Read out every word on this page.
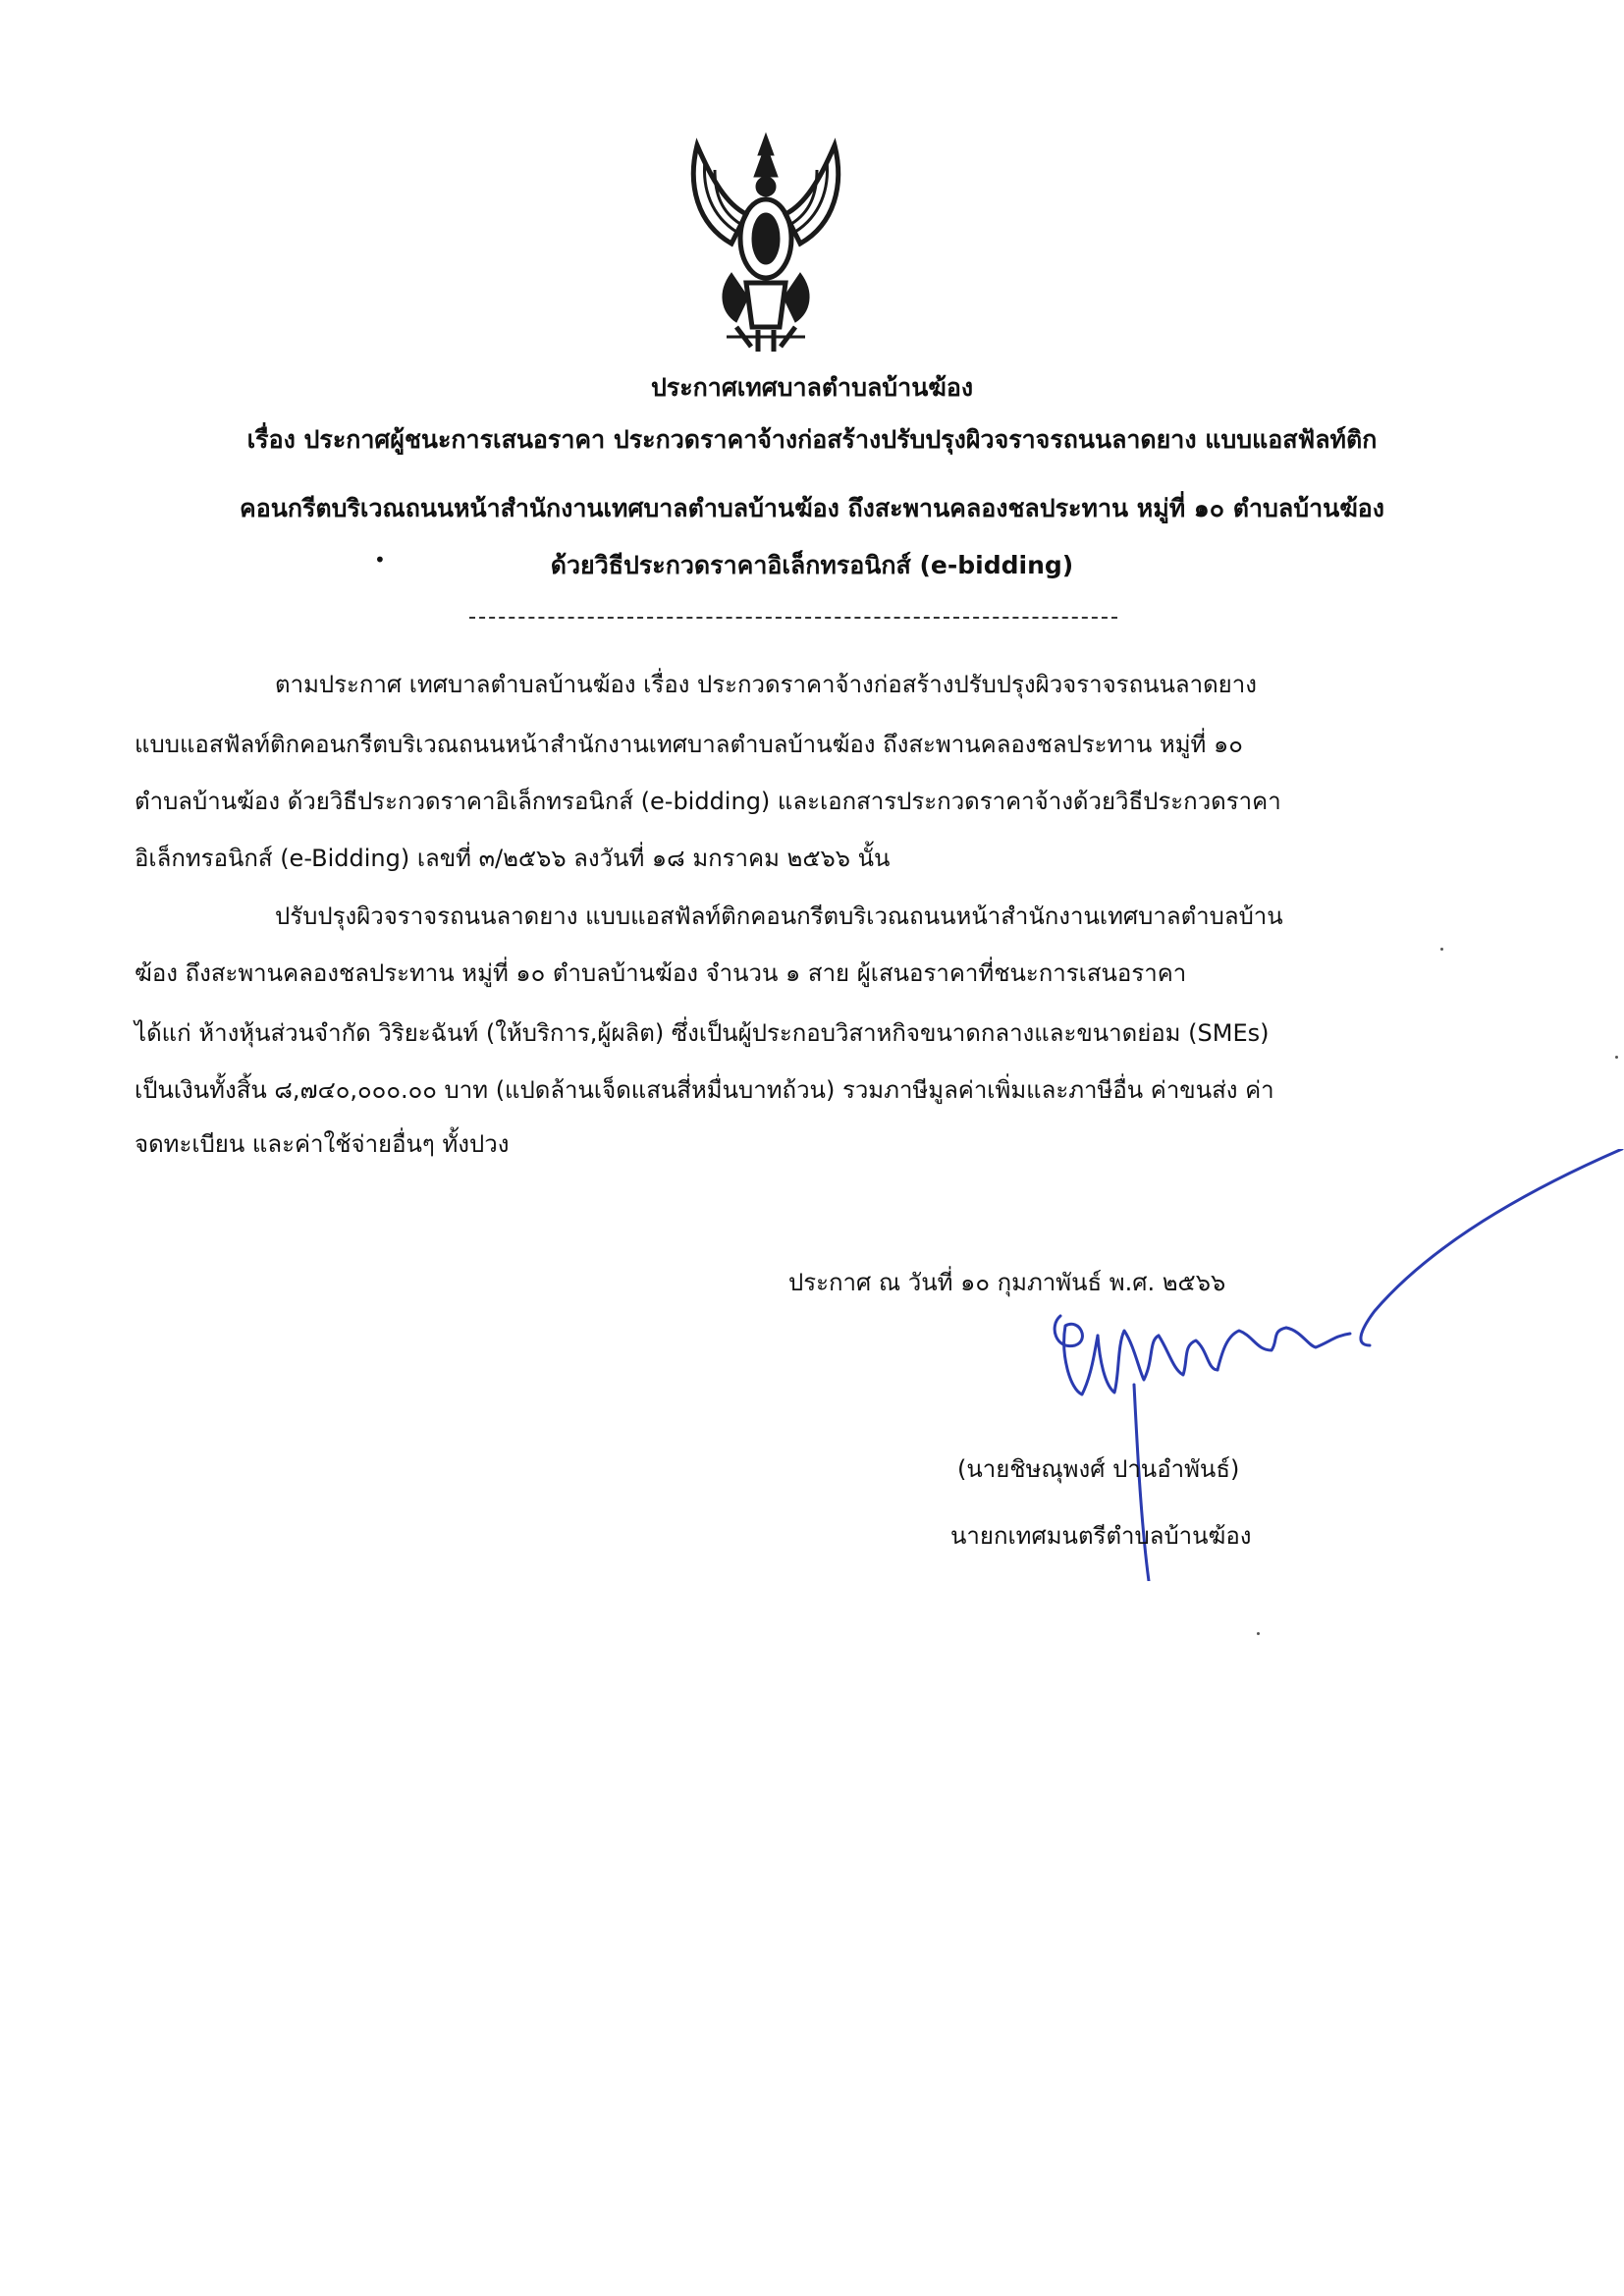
ประกาศเทศบาลตำบลบ้านฆ้อง
เรื่อง ประกาศผู้ชนะการเสนอราคา ประกวดราคาจ้างก่อสร้างปรับปรุงผิวจราจรถนนลาดยาง แบบแอสฟัลท์ติก
คอนกรีตบริเวณถนนหน้าสำนักงานเทศบาลตำบลบ้านฆ้อง ถึงสะพานคลองชลประทาน หมู่ที่ ๑๐ ตำบลบ้านฆ้อง
•	ด้วยวิธีประกวดราคาอิเล็กทรอนิกส์ (e-bidding)
ตามประกาศ เทศบาลตำบลบ้านฆ้อง เรื่อง ประกวดราคาจ้างก่อสร้างปรับปรุงผิวจราจรถนนลาดยาง
แบบแอสฟัลท์ติกคอนกรีตบริเวณถนนหน้าสำนักงานเทศบาลตำบลบ้านฆ้อง ถึงสะพานคลองชลประทาน หมู่ที่ ๑๐
ตำบลบ้านฆ้อง ด้วยวิธีประกวดราคาอิเล็กทรอนิกส์ (e-bidding) และเอกสารประกวดราคาจ้างด้วยวิธีประกวดราคา
อิเล็กทรอนิกส์ (e-Bidding) เลขที่ ๓/๒๕๖๖ ลงวันที่ ๑๘ มกราคม ๒๕๖๖ นั้น
ปรับปรุงผิวจราจรถนนลาดยาง แบบแอสฟัลท์ติกคอนกรีตบริเวณถนนหน้าสำนักงานเทศบาลตำบลบ้าน
ฆ้อง ถึงสะพานคลองชลประทาน หมู่ที่ ๑๐ ตำบลบ้านฆ้อง จำนวน ๑ สาย ผู้เสนอราคาที่ชนะการเสนอราคา
ได้แก่ ห้างหุ้นส่วนจำกัด วิริยะฉันท์ (ให้บริการ,ผู้ผลิต) ซึ่งเป็นผู้ประกอบวิสาหกิจขนาดกลางและขนาดย่อม (SMEs)
เป็นเงินทั้งสิ้น ๘,๗๔๐,๐๐๐.๐๐ บาท (แปดล้านเจ็ดแสนสี่หมื่นบาทถ้วน) รวมภาษีมูลค่าเพิ่มและภาษีอื่น ค่าขนส่ง ค่า
จดทะเบียน และค่าใช้จ่ายอื่นๆ ทั้งปวง
ประกาศ ณ วันที่ ๑๐ กุมภาพันธ์ พ.ศ. ๒๕๖๖
(นายชิษณุพงศ์ ปานอำพันธ์)
นายกเทศมนตรีตำบลบ้านฆ้อง
